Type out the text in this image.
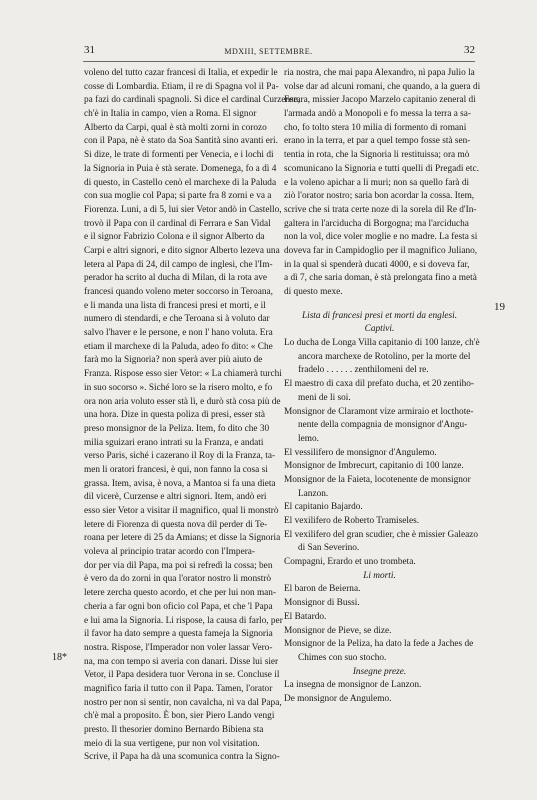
31	MDXIII, SETTEMBRE.	32
18*
19
voleno del tutto cazar francesi di Italia, et expedir le
cosse di Lombardia. Etiam, il re di Spagna vol il Pa-
pa fazi do cardinali spagnoli. Si dice el cardinal Curzense,
ch'è in Italia in campo, vien a Roma. El signor
Alberto da Carpi, qual è stà molti zorni in corozo
con il Papa, nè è stato da Soa Santità sino avanti eri.
Si dize, le trate di formenti per Venecia, e i lochi di
la Signoria in Puia è stà serate. Domenega, fo a dì 4
di questo, in Castello cenò el marchexe di la Paluda
con sua moglie col Papa; si parte fra 8 zorni e va a
Fiorenza. Luni, a dì 5, lui sier Vetor andò in Castello,
trovò il Papa con il cardinal di Ferrara e San Vidal
e il signor Fabrizio Colona e il signor Alberto da
Carpi e altri signori, e dito signor Alberto lezeva una
letera al Papa di 24, dil campo de inglesi, che l'Im-
perador ha scrito al ducha di Milan, di la rota ave
francesi quando voleno meter soccorso in Teroana,
e li manda una lista di francesi presi et morti, e il
numero di stendardi, e che Teroana si à voluto dar
salvo l'haver e le persone, e non l' hano voluta. Era
etiam il marchexe di la Paluda, adeo fo dito: « Che
farà mo la Signoria? non sperà aver più aiuto de
Franza. Rispose esso sier Vetor: « La chiamerà turchi
in suo socorso ». Siché loro se la risero molto, e fo
ora non aria voluto esser stà lì, e durò stà cosa più de
una hora. Dize in questa poliza di presi, esser stà
preso monsignor de la Peliza. Item, fo dito che 30
milia sguizari erano intrati su la Franza, e andati
verso Paris, siché i cazerano il Roy di la Franza, ta-
men li oratori francesi, è qui, non fanno la cosa si
grassa. Item, avisa, è nova, a Mantoa si fa una dieta
dil vicerè, Curzense e altri signori. Item, andò eri
esso sier Vetor a visitar il magnifico, qual li monstrò
letere di Fiorenza di questa nova dil perder di Te-
roana per letere di 25 da Amians; et disse la Signoria
voleva al principio tratar acordo con l'Impera-
dor per via dil Papa, ma poi si refredì la cossa; ben
è vero da do zorni in qua l'orator nostro li monstrò
letere zercha questo acordo, et che per lui non man-
cheria a far ogni bon oficio col Papa, et che 'l Papa
e lui ama la Signoria. Li rispose, la causa di farlo, per
il favor ha dato sempre a questa fameja la Signoria
nostra. Rispose, l'Imperador non voler lassar Vero-
na, ma con tempo si averia con danari. Disse lui sier
Vetor, il Papa desidera tuor Verona in se. Concluse il
magnifico faria il tutto con il Papa. Tamen, l'orator
nostro per non si sentir, non cavalcha, nì va dal Papa,
ch'è mal a proposito. È bon, sier Piero Lando vengi
presto. Il thesorier domino Bernardo Bibiena sta
meio di la sua vertigene, pur non vol visitation.
Scrive, il Papa ha dà una scomunica contra la Signo-
ria nostra, che mai papa Alexandro, nì papa Julio la
volse dar ad alcuni romani, che quando, a la guera di
Ferara, missier Jacopo Marzelo capitanio zeneral di
l'armada andò a Monopoli e fo messa la terra a sa-
cho, fo tolto stera 10 milia di formento di romani
erano in la terra, et par a quel tempo fosse stà sen-
tentia in rota, che la Signoria li restituissa; ora mò
scomunicano la Signoria e tutti quelli di Pregadi etc.
e la voleno apichar a li muri; non sa quello farà di
ziò l'orator nostro; saria bon acordar la cossa. Item,
scrive che si trata certe noze di la sorela dil Re d'In-
galtera in l'arciducha di Borgogna; ma l'arciducha
non la vol, dice voler moglie e no madre. La festa si
doveva far in Campidoglio per il magnifico Juliano,
in la qual si spenderà ducati 4000, e si doveva far,
a dì 7, che saria doman, è stà prelongata fino a metà
di questo mexe.
Lista di francesi presi et morti da englesi.
Captivi.
Lo ducha de Longa Villa capitanio di 100 lanze, ch'è
ancora marchexe de Rotolino, per la morte del
fradelo . . . . . . zenthilomeni del re.
El maestro di caxa dil prefato ducha, et 20 zentiho-
meni de li soi.
Monsignor de Claramont vize armiraio et locthote-
nente della compagnia de monsignor d'Angu-
lemo.
El vessilifero de monsignor d'Angulemo.
Monsignor de Imbrecurt, capitanio di 100 lanze.
Monsignor de la Faieta, locotenente de monsignor
Lanzon.
El capitanio Bajardo.
El vexilifero de Roberto Tramiseles.
El vexilifero del gran scudier, che è missier Galeazo
di San Severino.
Compagni, Erardo et uno trombeta.
Li morti.
El baron de Beierna.
Monsignor di Bussi.
El Batardo.
Monsignor de Pieve, se dize.
Monsignor de la Peliza, ha dato la fede a Jaches de
Chimes con suo stocho.
Insegne preze.
La insegna de monsignor de Lanzon.
De monsignor de Angulemo.
